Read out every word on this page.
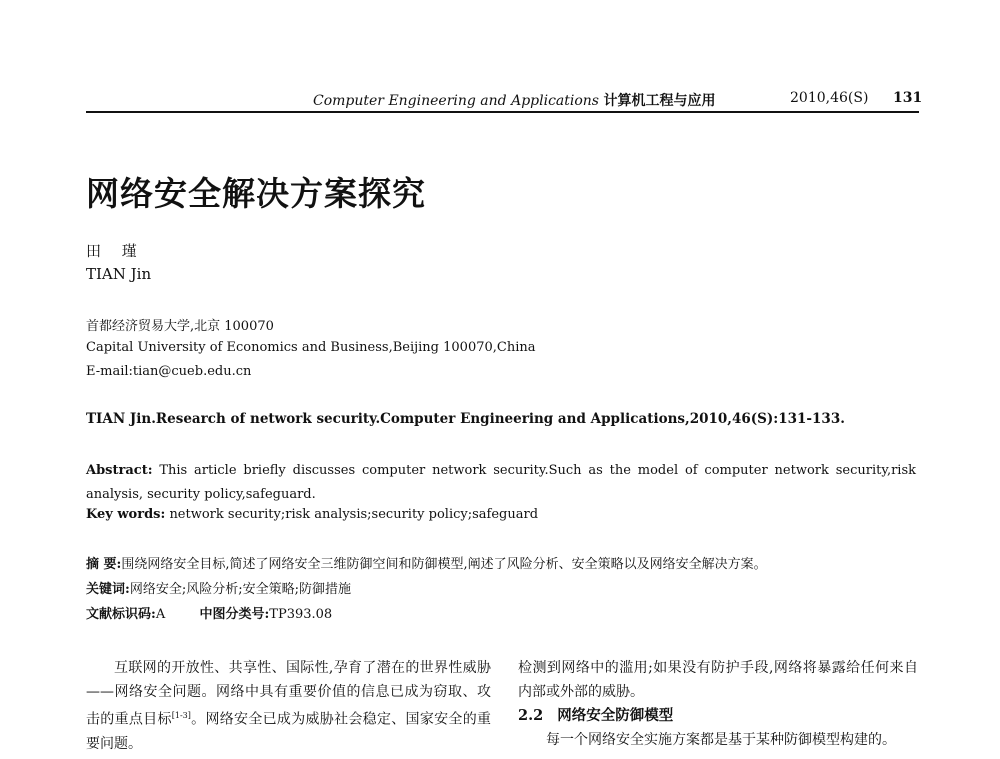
Computer Engineering and Applications 计算机工程与应用	2010,46(S) 131
网络安全解决方案探究
田 瑾
TIAN Jin
首都经济贸易大学,北京 100070
Capital University of Economics and Business,Beijing 100070,China
E-mail:tian@cueb.edu.cn
TIAN Jin.Research of network security.Computer Engineering and Applications,2010,46(S):131-133.
Abstract: This article briefly discusses computer network security.Such as the model of computer network security,risk analysis, security policy,safeguard.
Key words: network security;risk analysis;security policy;safeguard
摘 要:围绕网络安全目标,简述了网络安全三维防御空间和防御模型,阐述了风险分析、安全策略以及网络安全解决方案。
关键词:网络安全;风险分析;安全策略;防御措施
文献标识码:A	中图分类号:TP393.08

互联网的开放性、共享性、国际性,孕育了潜在的世界性威胁——网络安全问题。网络中具有重要价值的信息已成为窃取、攻击的重点目标[1-3]。网络安全已成为威胁社会稳定、国家安全的重要问题。

检测到网络中的滥用;如果没有防护手段,网络将暴露给任何来自内部或外部的威胁。

2.2 网络安全防御模型

每一个网络安全实施方案都是基于某种防御模型构建的。
